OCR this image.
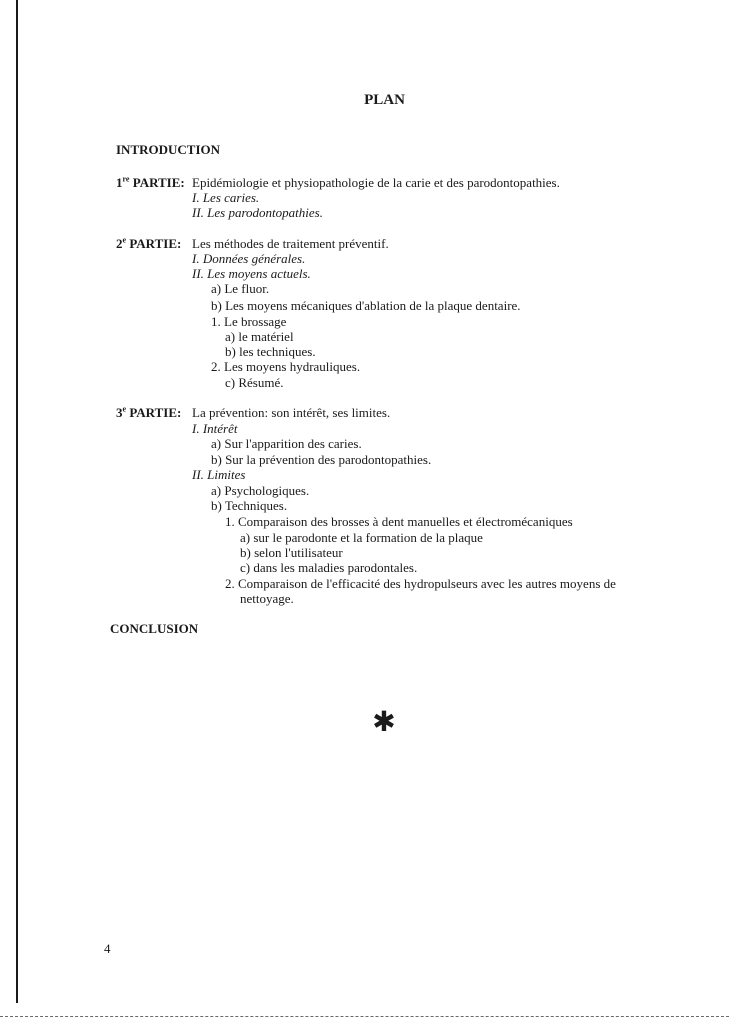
PLAN
INTRODUCTION
1re PARTIE: Epidémiologie et physiopathologie de la carie et des parodontopathies.
I. Les caries.
II. Les parodontopathies.
2e PARTIE: Les méthodes de traitement préventif.
I. Données générales.
II. Les moyens actuels.
a) Le fluor.
b) Les moyens mécaniques d'ablation de la plaque dentaire.
1. Le brossage
a) le matériel
b) les techniques.
2. Les moyens hydrauliques.
c) Résumé.
3e PARTIE: La prévention: son intérêt, ses limites.
I. Intérêt
a) Sur l'apparition des caries.
b) Sur la prévention des parodontopathies.
II. Limites
a) Psychologiques.
b) Techniques.
1. Comparaison des brosses à dent manuelles et électromécaniques
a) sur le parodonte et la formation de la plaque
b) selon l'utilisateur
c) dans les maladies parodontales.
2. Comparaison de l'efficacité des hydropulseurs avec les autres moyens de
nettoyage.
CONCLUSION
✱
4
